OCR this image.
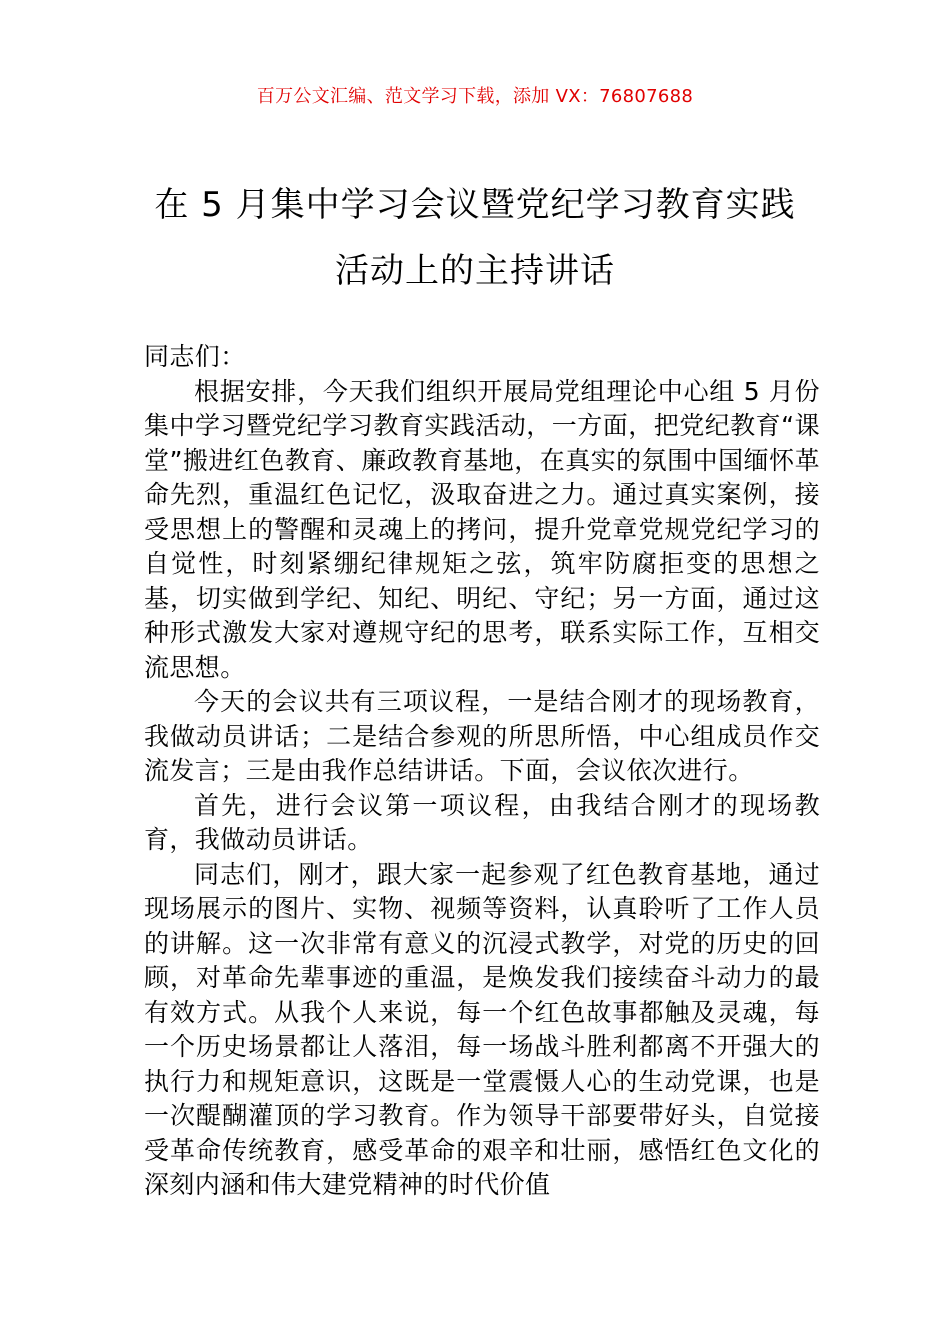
百万公文汇编、范文学习下载，添加 VX：76807688
在 5 月集中学习会议暨党纪学习教育实践
活动上的主持讲话

同志们：

根据安排，今天我们组织开展局党组理论中心组 5 月份集中学习暨党纪学习教育实践活动，一方面，把党纪教育“课堂”搬进红色教育、廉政教育基地，在真实的氛围中国缅怀革命先烈，重温红色记忆，汲取奋进之力。通过真实案例，接受思想上的警醒和灵魂上的拷问，提升党章党规党纪学习的自觉性，时刻紧绷纪律规矩之弦，筑牢防腐拒变的思想之基，切实做到学纪、知纪、明纪、守纪；另一方面，通过这种形式激发大家对遵规守纪的思考，联系实际工作，互相交流思想。

今天的会议共有三项议程，一是结合刚才的现场教育，我做动员讲话；二是结合参观的所思所悟，中心组成员作交流发言；三是由我作总结讲话。下面，会议依次进行。

首先，进行会议第一项议程，由我结合刚才的现场教育，我做动员讲话。

同志们，刚才，跟大家一起参观了红色教育基地，通过现场展示的图片、实物、视频等资料，认真聆听了工作人员的讲解。这一次非常有意义的沉浸式教学，对党的历史的回顾，对革命先辈事迹的重温，是焕发我们接续奋斗动力的最有效方式。从我个人来说，每一个红色故事都触及灵魂，每一个历史场景都让人落泪，每一场战斗胜利都离不开强大的执行力和规矩意识，这既是一堂震慑人心的生动党课，也是一次醍醐灌顶的学习教育。作为领导干部要带好头，自觉接受革命传统教育，感受革命的艰辛和壮丽，感悟红色文化的深刻内涵和伟大建党精神的时代价值
